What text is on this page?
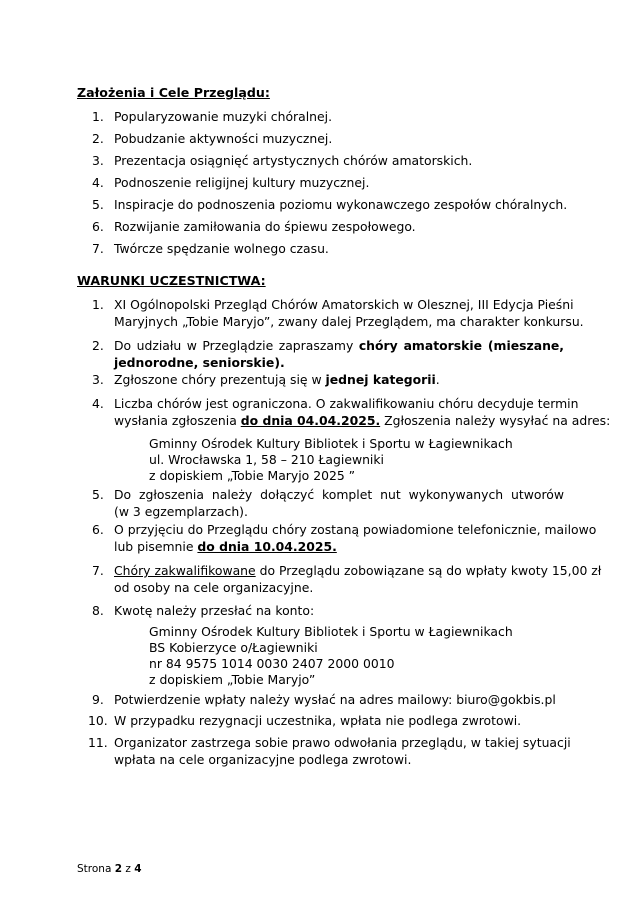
Założenia i Cele Przeglądu:
1. Popularyzowanie muzyki chóralnej.
2. Pobudzanie aktywności muzycznej.
3. Prezentacja osiągnięć artystycznych chórów amatorskich.
4. Podnoszenie religijnej kultury muzycznej.
5. Inspiracje do podnoszenia poziomu wykonawczego zespołów chóralnych.
6. Rozwijanie zamiłowania do śpiewu zespołowego.
7. Twórcze spędzanie wolnego czasu.
WARUNKI UCZESTNICTWA:
1. XI Ogólnopolski Przegląd Chórów Amatorskich w Olesznej, III Edycja Pieśni
Maryjnych „Tobie Maryjo”, zwany dalej Przeglądem, ma charakter konkursu.
2. Do udziału w Przeglądzie zapraszamy chóry amatorskie (mieszane,
jednorodne, seniorskie).
3. Zgłoszone chóry prezentują się w jednej kategorii.
4. Liczba chórów jest ograniczona. O zakwalifikowaniu chóru decyduje termin
wysłania zgłoszenia do dnia 04.04.2025. Zgłoszenia należy wysyłać na adres:
Gminny Ośrodek Kultury Bibliotek i Sportu w Łagiewnikach
ul. Wrocławska 1, 58 – 210 Łagiewniki
z dopiskiem „Tobie Maryjo 2025 ”
5. Do zgłoszenia należy dołączyć komplet nut wykonywanych utworów
(w 3 egzemplarzach).
6. O przyjęciu do Przeglądu chóry zostaną powiadomione telefonicznie, mailowo
lub pisemnie do dnia 10.04.2025.
7. Chóry zakwalifikowane do Przeglądu zobowiązane są do wpłaty kwoty 15,00 zł
od osoby na cele organizacyjne.
8. Kwotę należy przesłać na konto:
Gminny Ośrodek Kultury Bibliotek i Sportu w Łagiewnikach
BS Kobierzyce o/Łagiewniki
nr 84 9575 1014 0030 2407 2000 0010
z dopiskiem „Tobie Maryjo”
9. Potwierdzenie wpłaty należy wysłać na adres mailowy: biuro@gokbis.pl
10. W przypadku rezygnacji uczestnika, wpłata nie podlega zwrotowi.
11. Organizator zastrzega sobie prawo odwołania przeglądu, w takiej sytuacji
wpłata na cele organizacyjne podlega zwrotowi.
Strona 2 z 4
